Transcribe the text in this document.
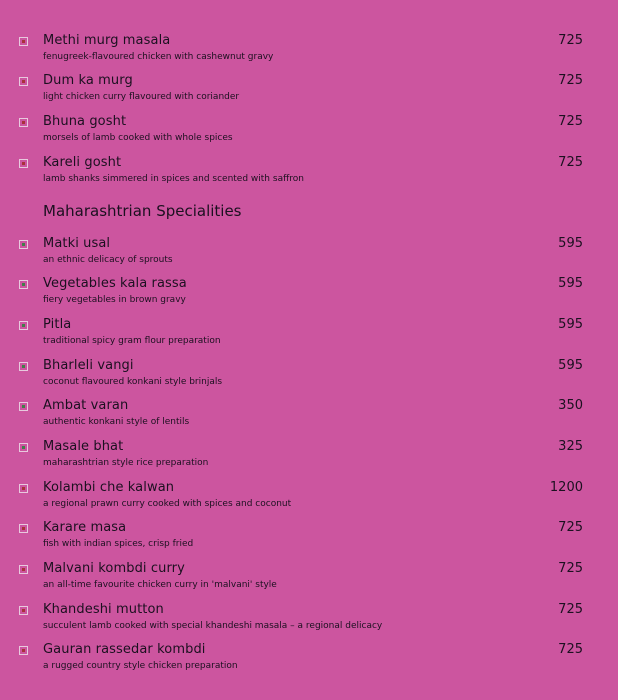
Methi murg masala
fenugreek-flavoured chicken with cashewnut gravy
725
Dum ka murg
light chicken curry flavoured with coriander
725
Bhuna gosht
morsels of lamb cooked with whole spices
725
Kareli gosht
lamb shanks simmered in spices and scented with saffron
725
Maharashtrian Specialities
Matki usal
an ethnic delicacy of sprouts
595
Vegetables kala rassa
fiery vegetables in brown gravy
595
Pitla
traditional spicy gram flour preparation
595
Bharleli vangi
coconut flavoured konkani style brinjals
595
Ambat varan
authentic konkani style of lentils
350
Masale bhat
maharashtrian style rice preparation
325
Kolambi che kalwan
a regional prawn curry cooked with spices and coconut
1200
Karare masa
fish with indian spices, crisp fried
725
Malvani kombdi curry
an all-time favourite chicken curry in 'malvani' style
725
Khandeshi mutton
succulent lamb cooked with special khandeshi masala – a regional delicacy
725
Gauran rassedar kombdi
a rugged country style chicken preparation
725
